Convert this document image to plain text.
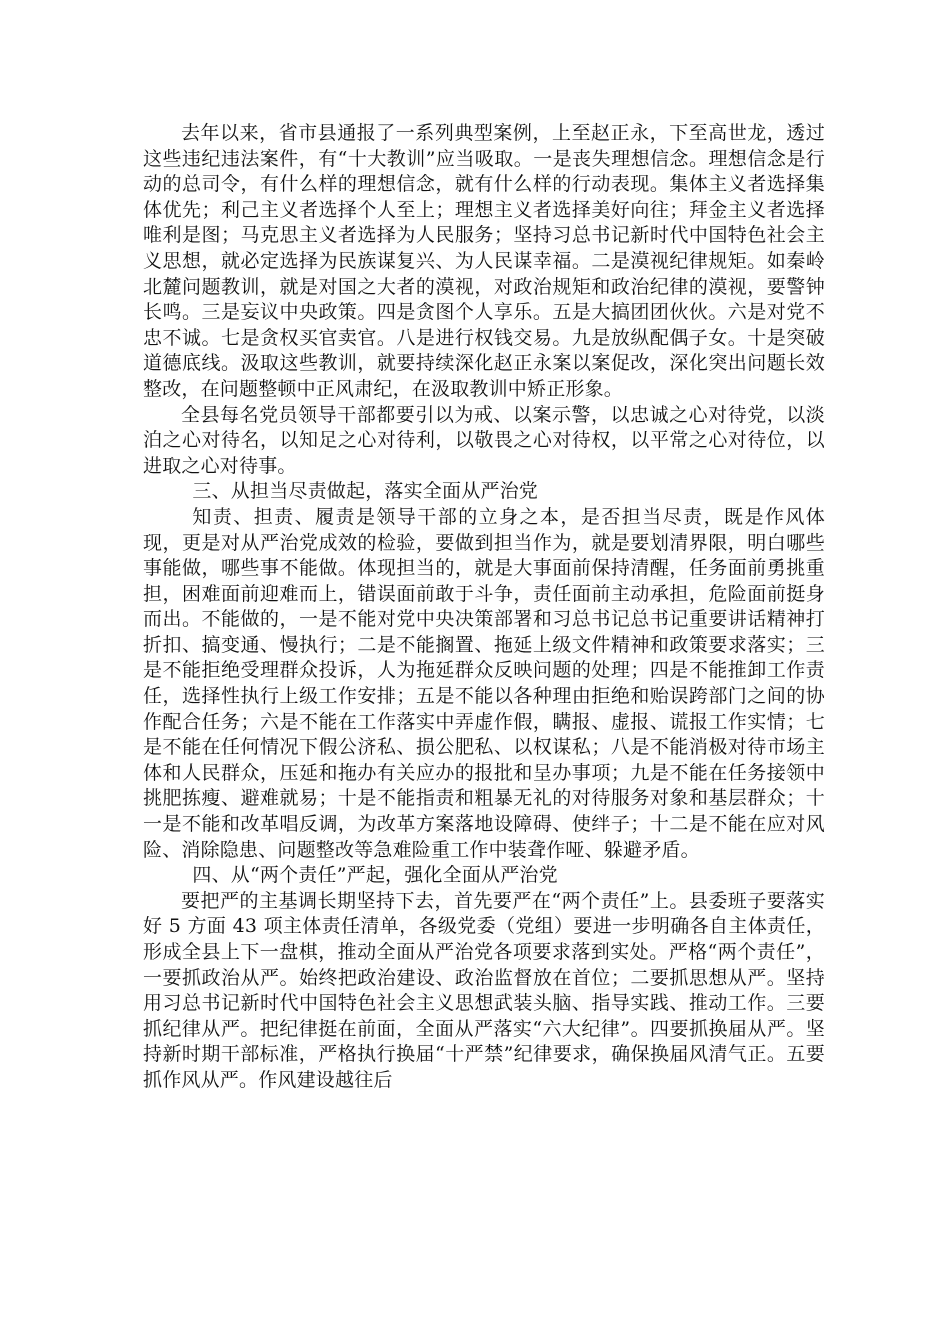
去年以来，省市县通报了一系列典型案例，上至赵正永，下至高世龙，透过这些违纪违法案件，有“十大教训”应当吸取。一是丧失理想信念。理想信念是行动的总司令，有什么样的理想信念，就有什么样的行动表现。集体主义者选择集体优先；利己主义者选择个人至上；理想主义者选择美好向往；拜金主义者选择唯利是图；马克思主义者选择为人民服务；坚持习总书记新时代中国特色社会主义思想，就必定选择为民族谋复兴、为人民谋幸福。二是漠视纪律规矩。如秦岭北麓问题教训，就是对国之大者的漠视，对政治规矩和政治纪律的漠视，要警钟长鸣。三是妄议中央政策。四是贪图个人享乐。五是大搞团团伙伙。六是对党不忠不诚。七是贪权买官卖官。八是进行权钱交易。九是放纵配偶子女。十是突破道德底线。汲取这些教训，就要持续深化赵正永案以案促改，深化突出问题长效整改，在问题整顿中正风肃纪，在汲取教训中矫正形象。

全县每名党员领导干部都要引以为戒、以案示警，以忠诚之心对待党，以淡泊之心对待名，以知足之心对待利，以敬畏之心对待权，以平常之心对待位，以进取之心对待事。

三、从担当尽责做起，落实全面从严治党

知责、担责、履责是领导干部的立身之本，是否担当尽责，既是作风体现，更是对从严治党成效的检验，要做到担当作为，就是要划清界限，明白哪些事能做，哪些事不能做。体现担当的，就是大事面前保持清醒，任务面前勇挑重担，困难面前迎难而上，错误面前敢于斗争，责任面前主动承担，危险面前挺身而出。不能做的，一是不能对党中央决策部署和习总书记总书记重要讲话精神打折扣、搞变通、慢执行；二是不能搁置、拖延上级文件精神和政策要求落实；三是不能拒绝受理群众投诉，人为拖延群众反映问题的处理；四是不能推卸工作责任，选择性执行上级工作安排；五是不能以各种理由拒绝和贻误跨部门之间的协作配合任务；六是不能在工作落实中弄虚作假，瞒报、虚报、谎报工作实情；七是不能在任何情况下假公济私、损公肥私、以权谋私；八是不能消极对待市场主体和人民群众，压延和拖办有关应办的报批和呈办事项；九是不能在任务接领中挑肥拣瘦、避难就易；十是不能指责和粗暴无礼的对待服务对象和基层群众；十一是不能和改革唱反调，为改革方案落地设障碍、使绊子；十二是不能在应对风险、消除隐患、问题整改等急难险重工作中装聋作哑、躲避矛盾。

四、从“两个责任”严起，强化全面从严治党

要把严的主基调长期坚持下去，首先要严在“两个责任”上。县委班子要落实好 5 方面 43 项主体责任清单，各级党委（党组）要进一步明确各自主体责任，形成全县上下一盘棋，推动全面从严治党各项要求落到实处。严格“两个责任”，一要抓政治从严。始终把政治建设、政治监督放在首位；二要抓思想从严。坚持用习总书记新时代中国特色社会主义思想武装头脑、指导实践、推动工作。三要抓纪律从严。把纪律挺在前面，全面从严落实“六大纪律”。四要抓换届从严。坚持新时期干部标准，严格执行换届“十严禁”纪律要求，确保换届风清气正。五要抓作风从严。作风建设越往后
